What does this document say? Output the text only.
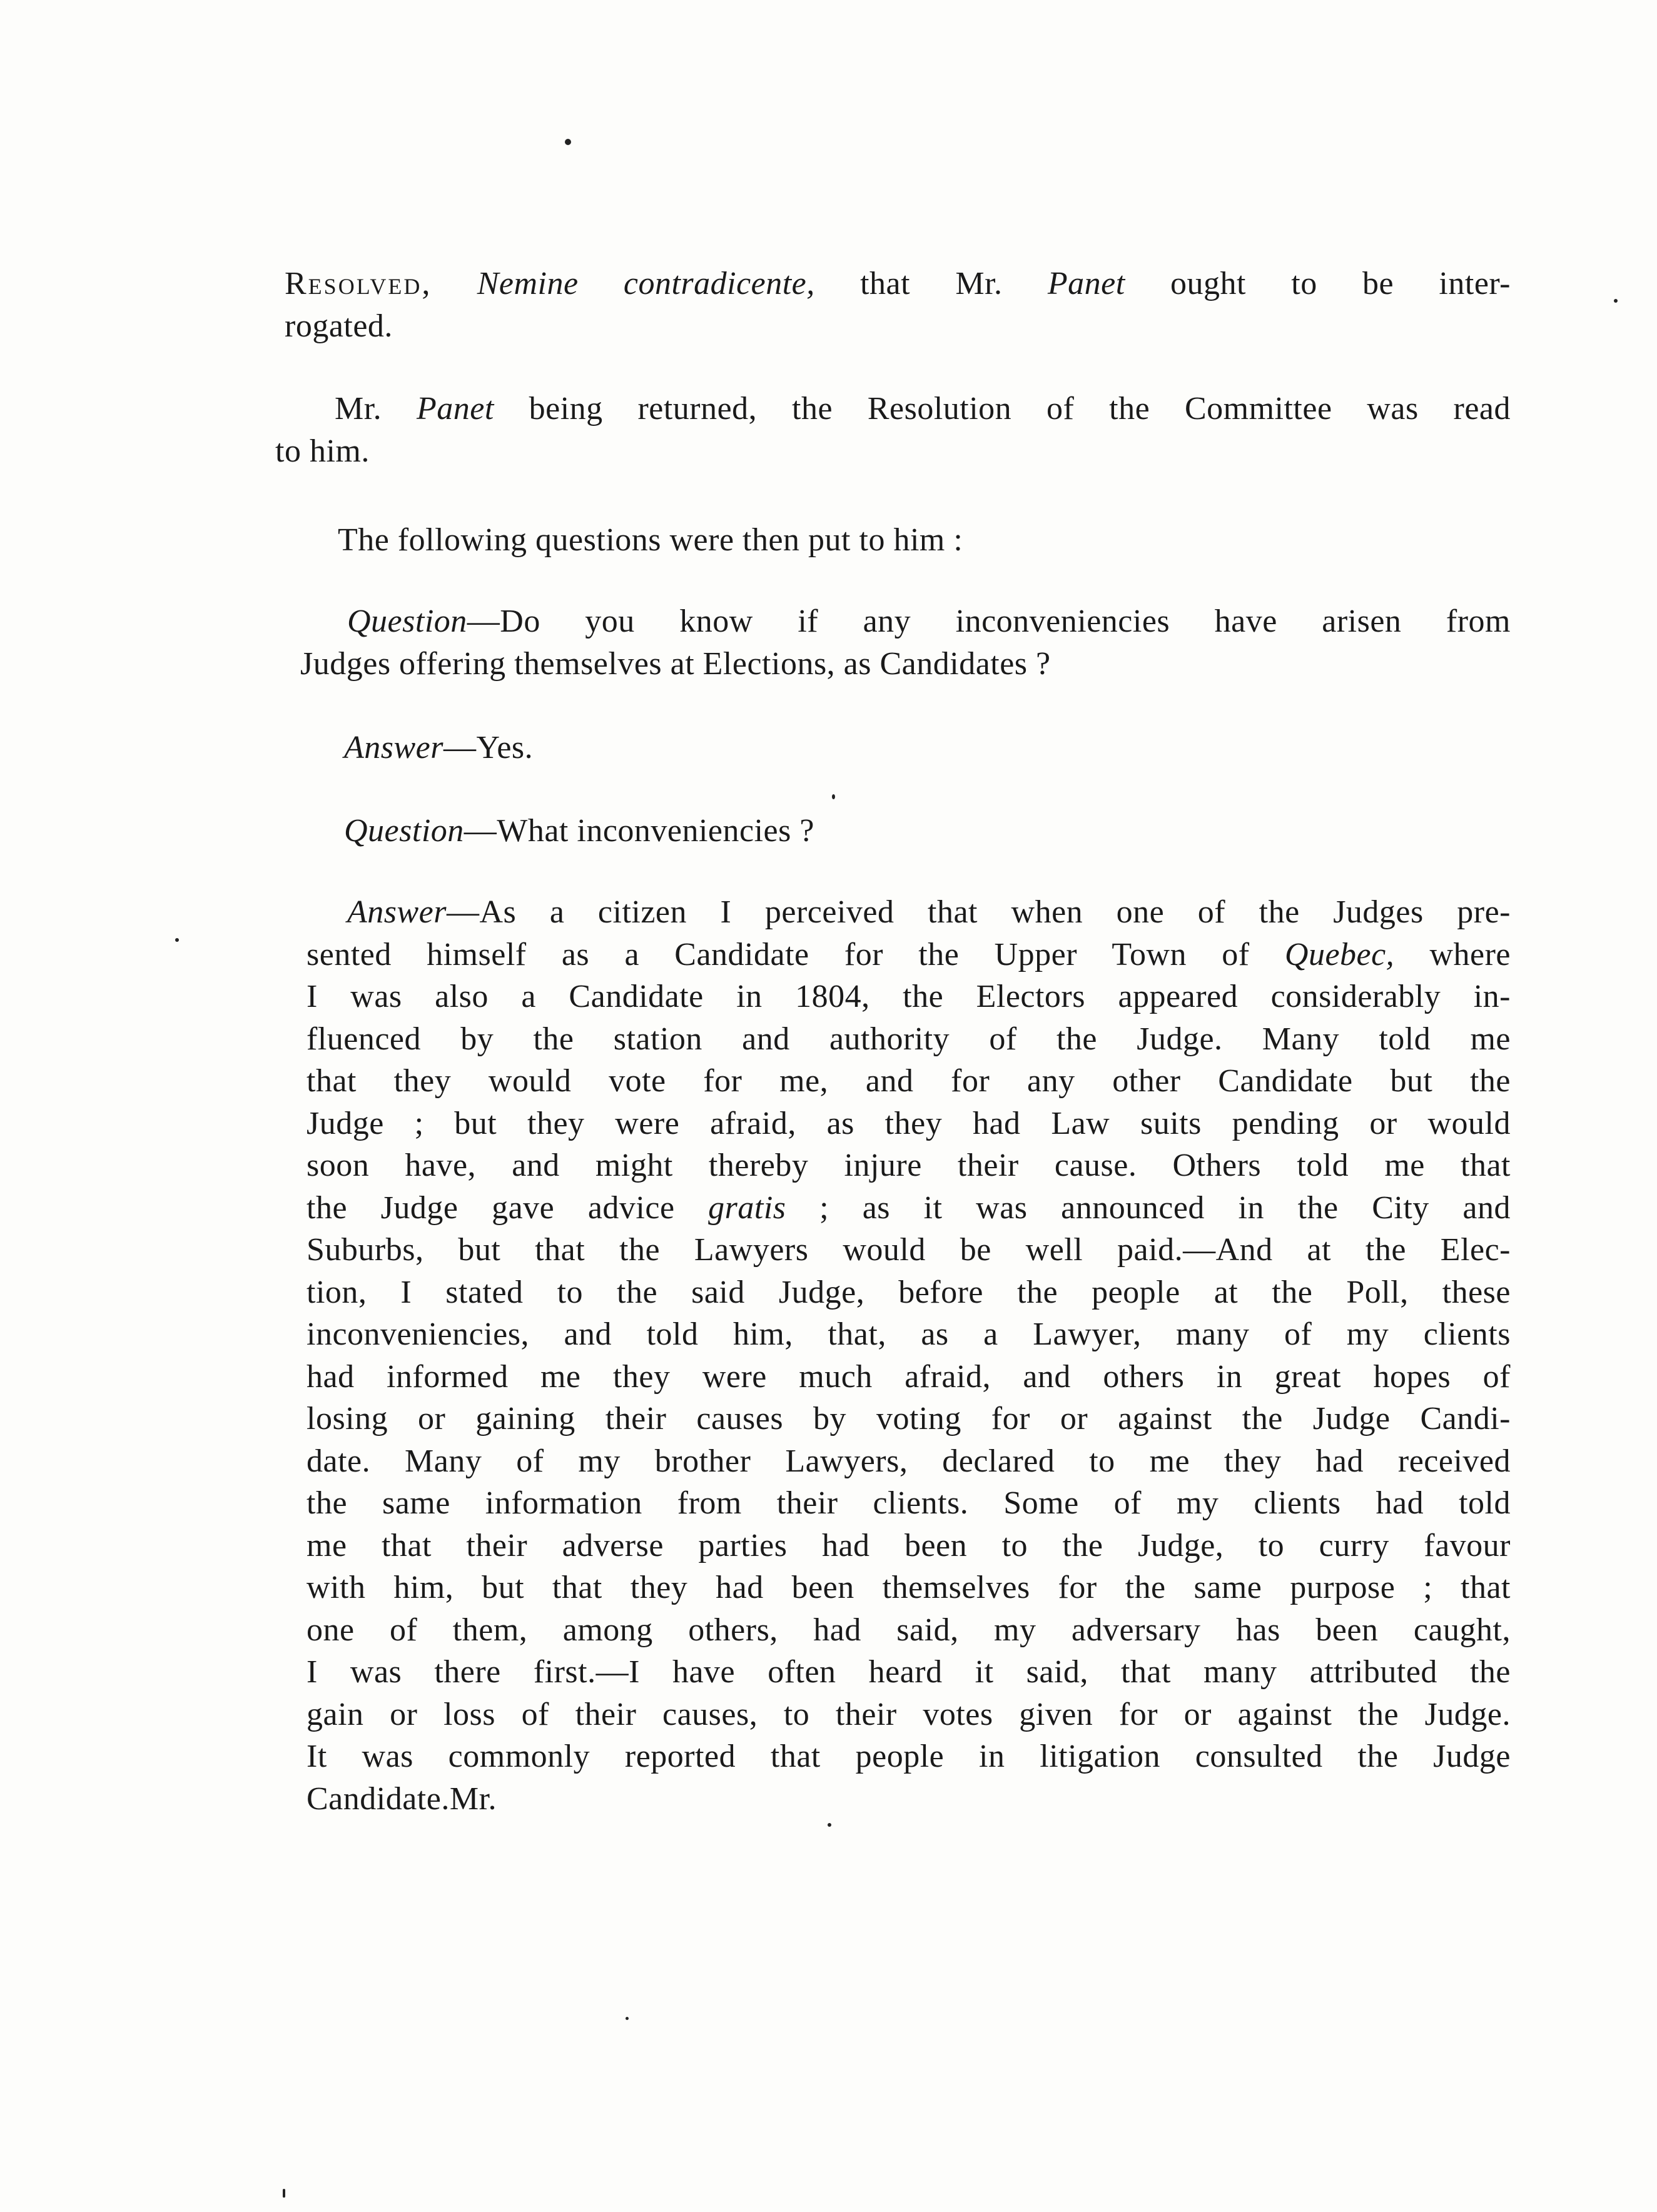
Resolved, Nemine contradicente, that Mr. Panet ought to be inter-
rogated.
Mr. Panet being returned, the Resolution of the Committee was read
to him.
The following questions were then put to him :
Question—Do you know if any inconveniencies have arisen from
Judges offering themselves at Elections, as Candidates ?
Answer—Yes.
Question—What inconveniencies ?
Answer—As a citizen I perceived that when one of the Judges pre-
sented himself as a Candidate for the Upper Town of Quebec, where
I was also a Candidate in 1804, the Electors appeared considerably in-
fluenced by the station and authority of the Judge. Many told me
that they would vote for me, and for any other Candidate but the
Judge ; but they were afraid, as they had Law suits pending or would
soon have, and might thereby injure their cause. Others told me that
the Judge gave advice gratis ; as it was announced in the City and
Suburbs, but that the Lawyers would be well paid.—And at the Elec-
tion, I stated to the said Judge, before the people at the Poll, these
inconveniencies, and told him, that, as a Lawyer, many of my clients
had informed me they were much afraid, and others in great hopes of
losing or gaining their causes by voting for or against the Judge Candi-
date. Many of my brother Lawyers, declared to me they had received
the same information from their clients. Some of my clients had told
me that their adverse parties had been to the Judge, to curry favour
with him, but that they had been themselves for the same purpose ; that
one of them, among others, had said, my adversary has been caught,
I was there first.—I have often heard it said, that many attributed the
gain or loss of their causes, to their votes given for or against the Judge.
It was commonly reported that people in litigation consulted the Judge
Candidate.Mr.
